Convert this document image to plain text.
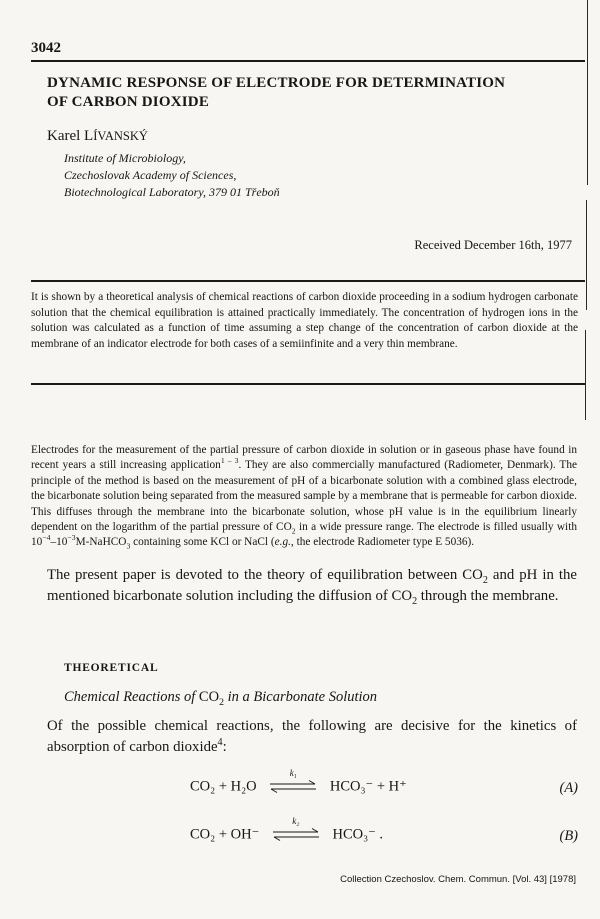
3042
DYNAMIC RESPONSE OF ELECTRODE FOR DETERMINATION
OF CARBON DIOXIDE
Karel LÍVANSKÝ
Institute of Microbiology,
Czechoslovak Academy of Sciences,
Biotechnological Laboratory, 379 01 Třeboň
Received December 16th, 1977
It is shown by a theoretical analysis of chemical reactions of carbon dioxide proceeding in a sodium hydrogen carbonate solution that the chemical equilibration is attained practically immediately. The concentration of hydrogen ions in the solution was calculated as a function of time assuming a step change of the concentration of carbon dioxide at the membrane of an indicator electrode for both cases of a semiinfinite and a very thin membrane.
Electrodes for the measurement of the partial pressure of carbon dioxide in solution or in gaseous phase have found in recent years a still increasing application$^{1 - 3}$. They are also commercially manufactured (Radiometer, Denmark). The principle of the method is based on the measurement of pH of a bicarbonate solution with a combined glass electrode, the bicarbonate solution being separated from the measured sample by a membrane that is permeable for carbon dioxide. This diffuses through the membrane into the bicarbonate solution, whose pH value is in the equilibrium linearly dependent on the logarithm of the partial pressure of $CO_2$ in a wide pressure range. The electrode is filled usually with $10^{-4}-10^{-3}M-NaHCO_3$ containing some KCl or NaCl (e.g., the electrode Radiometer type E 5036).
The present paper is devoted to the theory of equilibration between $CO_2$ and pH in the mentioned bicarbonate solution including the diffusion of $CO_2$ through the membrane.
THEORETICAL
Chemical Reactions of $CO_2$ in a Bicarbonate Solution
Of the possible chemical reactions, the following are decisive for the kinetics of absorption of carbon dioxide$^4$:
CO₂ + H₂O
k₁
HCO₃⁻ + H⁺	(A)
CO₂ + OH⁻
k₂
HCO₃⁻ .	(B)
Collection Czechoslov. Chem. Commun. [Vol. 43] [1978]
